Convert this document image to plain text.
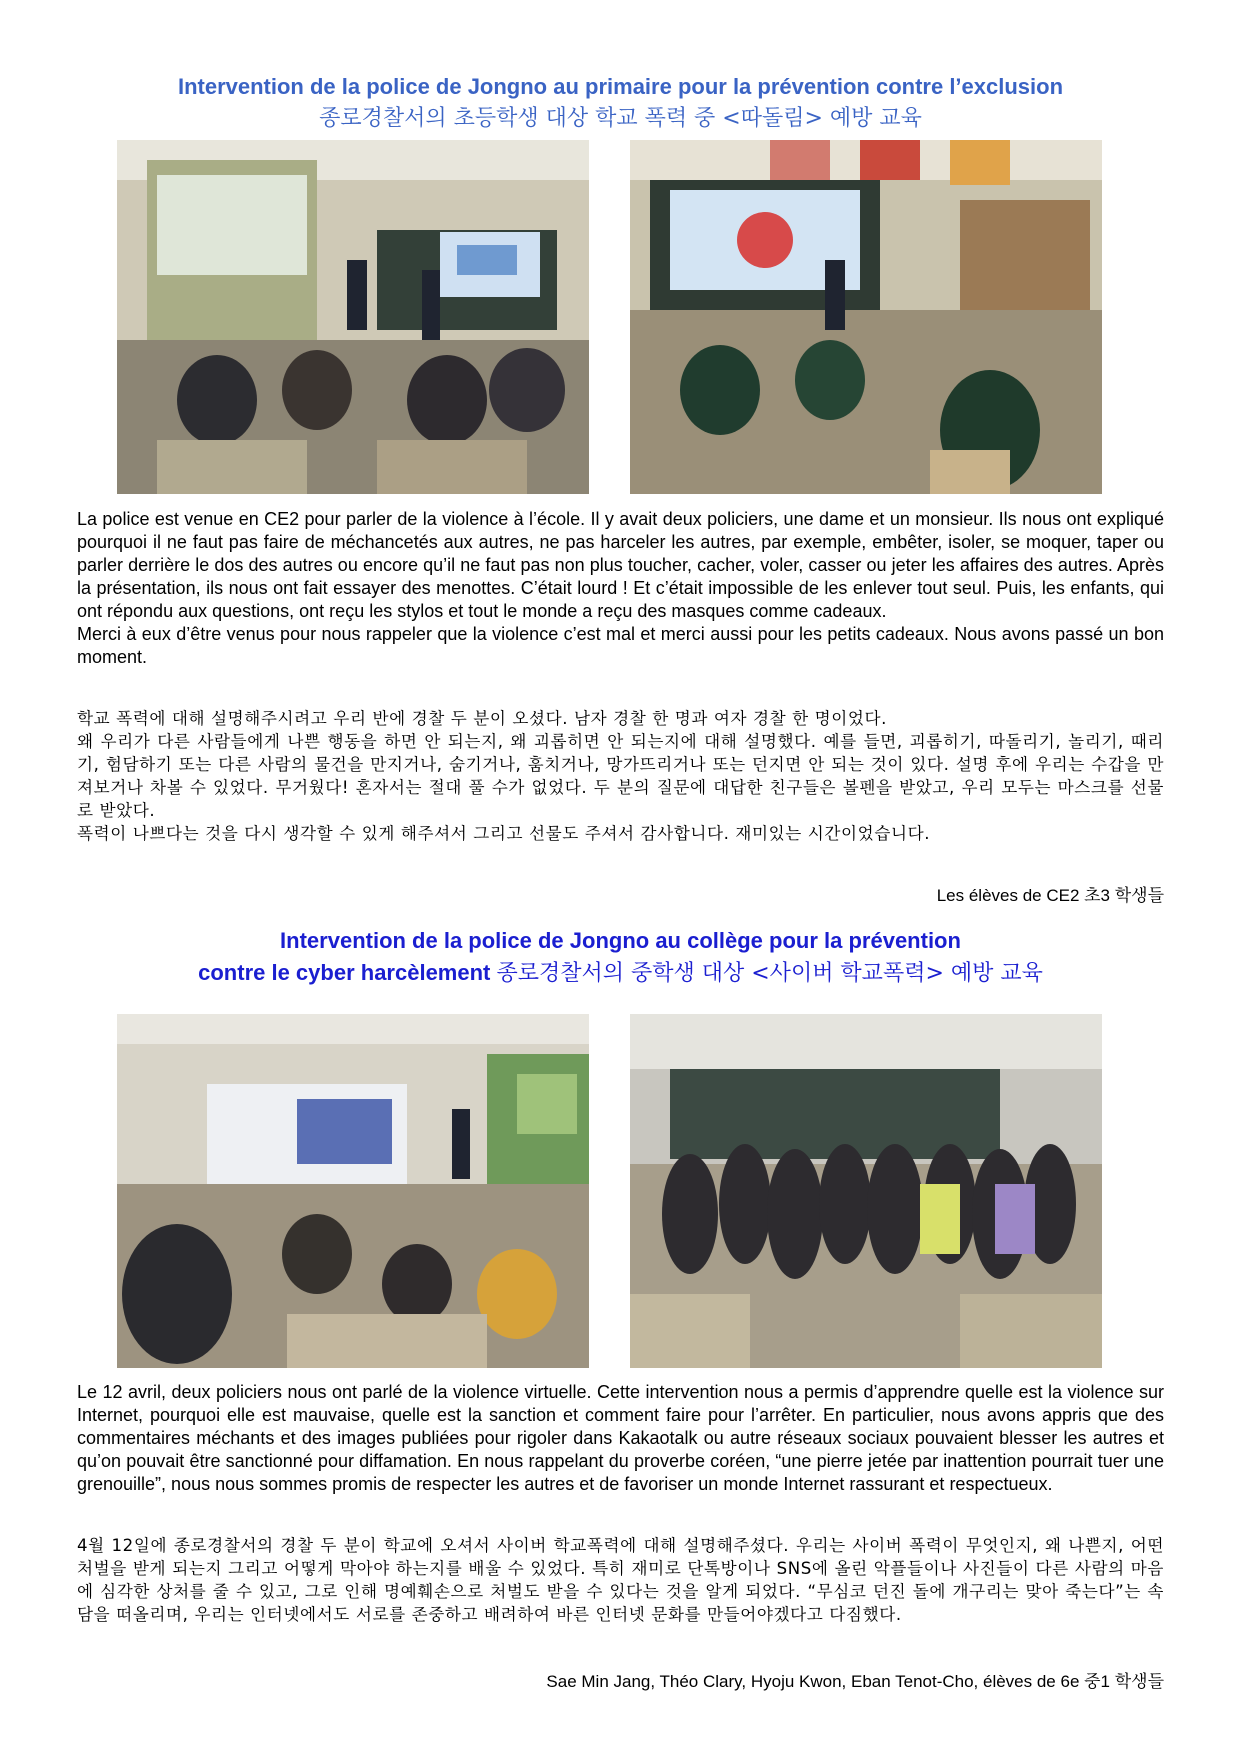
Intervention de la police de Jongno au primaire pour la prévention contre l’exclusion
종로경찰서의 초등학생 대상 학교 폭력 중 <따돌림> 예방 교육
La police est venue en CE2 pour parler de la violence à l’école. Il y avait deux policiers, une dame et un monsieur. Ils nous ont expliqué pourquoi il ne faut pas faire de méchancetés aux autres, ne pas harceler les autres, par exemple, embêter, isoler, se moquer, taper ou parler derrière le dos des autres ou encore qu’il ne faut pas non plus toucher, cacher, voler, casser ou jeter les affaires des autres. Après la présentation, ils nous ont fait essayer des menottes. C’était lourd ! Et c’était impossible de les enlever tout seul. Puis, les enfants, qui ont répondu aux questions, ont reçu les stylos et tout le monde a reçu des masques comme cadeaux.
Merci à eux d’être venus pour nous rappeler que la violence c’est mal et merci aussi pour les petits cadeaux. Nous avons passé un bon moment.
학교 폭력에 대해 설명해주시려고 우리 반에 경찰 두 분이 오셨다. 남자 경찰 한 명과 여자 경찰 한 명이었다.
왜 우리가 다른 사람들에게 나쁜 행동을 하면 안 되는지, 왜 괴롭히면 안 되는지에 대해 설명했다. 예를 들면, 괴롭히기, 따돌리기, 놀리기, 때리기, 험담하기 또는 다른 사람의 물건을 만지거나, 숨기거나, 훔치거나, 망가뜨리거나 또는 던지면 안 되는 것이 있다. 설명 후에 우리는 수갑을 만져보거나 차볼 수 있었다. 무거웠다! 혼자서는 절대 풀 수가 없었다. 두 분의 질문에 대답한 친구들은 볼펜을 받았고, 우리 모두는 마스크를 선물로 받았다.
폭력이 나쁘다는 것을 다시 생각할 수 있게 해주셔서 그리고 선물도 주셔서 감사합니다. 재미있는 시간이었습니다.
Les élèves de CE2 초3 학생들
Intervention de la police de Jongno au collège pour la prévention
contre le cyber harcèlement 종로경찰서의 중학생 대상 <사이버 학교폭력> 예방 교육
Le 12 avril, deux policiers nous ont parlé de la violence virtuelle. Cette intervention nous a permis d’apprendre quelle est la violence sur Internet, pourquoi elle est mauvaise, quelle est la sanction et comment faire pour l’arrêter. En particulier, nous avons appris que des commentaires méchants et des images publiées pour rigoler dans Kakaotalk ou autre réseaux sociaux pouvaient blesser les autres et qu’on pouvait être sanctionné pour diffamation. En nous rappelant du proverbe coréen, “une pierre jetée par inattention pourrait tuer une grenouille”, nous nous sommes promis de respecter les autres et de favoriser un monde Internet rassurant et respectueux.
4월 12일에 종로경찰서의 경찰 두 분이 학교에 오셔서 사이버 학교폭력에 대해 설명해주셨다. 우리는 사이버 폭력이 무엇인지, 왜 나쁜지, 어떤 처벌을 받게 되는지 그리고 어떻게 막아야 하는지를 배울 수 있었다. 특히 재미로 단톡방이나 SNS에 올린 악플들이나 사진들이 다른 사람의 마음에 심각한 상처를 줄 수 있고, 그로 인해 명예훼손으로 처벌도 받을 수 있다는 것을 알게 되었다. “무심코 던진 돌에 개구리는 맞아 죽는다”는 속담을 떠올리며, 우리는 인터넷에서도 서로를 존중하고 배려하여 바른 인터넷 문화를 만들어야겠다고 다짐했다.
Sae Min Jang, Théo Clary, Hyoju Kwon, Eban Tenot-Cho, élèves de 6e 중1 학생들
